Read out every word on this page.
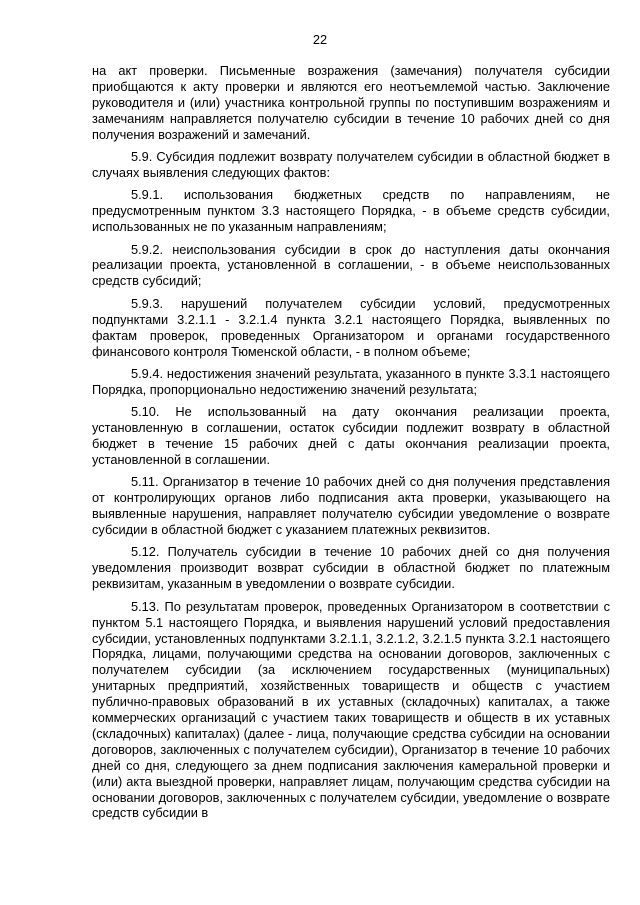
22

на акт проверки. Письменные возражения (замечания) получателя субсидии приобщаются к акту проверки и являются его неотъемлемой частью. Заключение руководителя и (или) участника контрольной группы по поступившим возражениям и замечаниям направляется получателю субсидии в течение 10 рабочих дней со дня получения возражений и замечаний.

5.9. Субсидия подлежит возврату получателем субсидии в областной бюджет в случаях выявления следующих фактов:

5.9.1. использования бюджетных средств по направлениям, не предусмотренным пунктом 3.3 настоящего Порядка, - в объеме средств субсидии, использованных не по указанным направлениям;

5.9.2. неиспользования субсидии в срок до наступления даты окончания реализации проекта, установленной в соглашении, - в объеме неиспользованных средств субсидий;

5.9.3. нарушений получателем субсидии условий, предусмотренных подпунктами 3.2.1.1 - 3.2.1.4 пункта 3.2.1 настоящего Порядка, выявленных по фактам проверок, проведенных Организатором и органами государственного финансового контроля Тюменской области, - в полном объеме;

5.9.4. недостижения значений результата, указанного в пункте 3.3.1 настоящего Порядка, пропорционально недостижению значений результата;

5.10. Не использованный на дату окончания реализации проекта, установленную в соглашении, остаток субсидии подлежит возврату в областной бюджет в течение 15 рабочих дней с даты окончания реализации проекта, установленной в соглашении.

5.11. Организатор в течение 10 рабочих дней со дня получения представления от контролирующих органов либо подписания акта проверки, указывающего на выявленные нарушения, направляет получателю субсидии уведомление о возврате субсидии в областной бюджет с указанием платежных реквизитов.

5.12. Получатель субсидии в течение 10 рабочих дней со дня получения уведомления производит возврат субсидии в областной бюджет по платежным реквизитам, указанным в уведомлении о возврате субсидии.

5.13. По результатам проверок, проведенных Организатором в соответствии с пунктом 5.1 настоящего Порядка, и выявления нарушений условий предоставления субсидии, установленных подпунктами 3.2.1.1, 3.2.1.2, 3.2.1.5 пункта 3.2.1 настоящего Порядка, лицами, получающими средства на основании договоров, заключенных с получателем субсидии (за исключением государственных (муниципальных) унитарных предприятий, хозяйственных товариществ и обществ с участием публично-правовых образований в их уставных (складочных) капиталах, а также коммерческих организаций с участием таких товариществ и обществ в их уставных (складочных) капиталах) (далее - лица, получающие средства субсидии на основании договоров, заключенных с получателем субсидии), Организатор в течение 10 рабочих дней со дня, следующего за днем подписания заключения камеральной проверки и (или) акта выездной проверки, направляет лицам, получающим средства субсидии на основании договоров, заключенных с получателем субсидии, уведомление о возврате средств субсидии в
